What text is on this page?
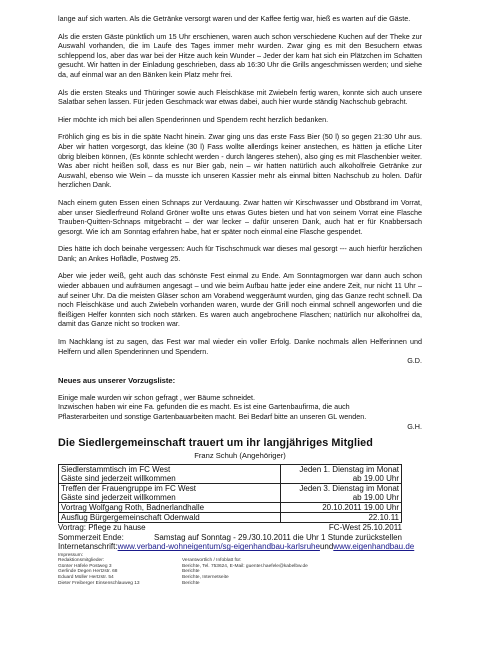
lange auf sich warten. Als die Getränke versorgt waren und der Kaffee fertig war, hieß es warten auf die Gäste.

Als die ersten Gäste pünktlich um 15 Uhr erschienen, waren auch schon verschiedene Kuchen auf der Theke zur Auswahl vorhanden, die im Laufe des Tages immer mehr wurden. Zwar ging es mit den Besuchern etwas schleppend los, aber das war bei der Hitze auch kein Wunder – Jeder der kam hat sich ein Plätzchen im Schatten gesucht. Wir hatten in der Einladung geschrieben, dass ab 16:30 Uhr die Grills angeschmissen werden; und siehe da, auf einmal war an den Bänken kein Platz mehr frei.

Als die ersten Steaks und Thüringer sowie auch Fleischkäse mit Zwiebeln fertig waren, konnte sich auch unsere Salatbar sehen lassen. Für jeden Geschmack war etwas dabei, auch hier wurde ständig Nachschub gebracht.

Hier möchte ich mich bei allen Spenderinnen und Spendern recht herzlich bedanken.

Fröhlich ging es bis in die späte Nacht hinein. Zwar ging uns das erste Fass Bier (50 l) so gegen 21:30 Uhr aus. Aber wir hatten vorgesorgt, das kleine (30 l) Fass wollte allerdings keiner anstechen, es hätten ja etliche Liter übrig bleiben können, (Es könnte schlecht werden - durch längeres stehen), also ging es mit Flaschenbier weiter. Was aber nicht heißen soll, dass es nur Bier gab, nein – wir hatten natürlich auch alkoholfreie Getränke zur Auswahl, ebenso wie Wein – da musste ich unseren Kassier mehr als einmal bitten Nachschub zu holen. Dafür herzlichen Dank.

Nach einem guten Essen einen Schnaps zur Verdauung. Zwar hatten wir Kirschwasser und Obstbrand im Vorrat, aber unser Siedlerfreund Roland Gröner wollte uns etwas Gutes bieten und hat von seinem Vorrat eine Flasche Trauben-Quitten-Schnaps mitgebracht – der war lecker – dafür unseren Dank, auch hat er für Knabbersach gesorgt. Wie ich am Sonntag erfahren habe, hat er später noch einmal eine Flasche gespendet.

Dies hätte ich doch beinahe vergessen: Auch für Tischschmuck war dieses mal gesorgt --- auch hierfür herzlichen Dank; an Ankes Hoflädle, Postweg 25.

Aber wie jeder weiß, geht auch das schönste Fest einmal zu Ende. Am Sonntagmorgen war dann auch schon wieder abbauen und aufräumen angesagt – und wie beim Aufbau hatte jeder eine andere Zeit, nur nicht 11 Uhr – auf seiner Uhr. Da die meisten Gläser schon am Vorabend weggeräumt wurden, ging das Ganze recht schnell. Da noch Fleischkäse und auch Zwiebeln vorhanden waren, wurde der Grill noch einmal schnell angeworfen und die fleißigen Helfer konnten sich noch stärken. Es waren auch angebrochene Flaschen; natürlich nur alkoholfrei da, damit das Ganze nicht so trocken war.

Im Nachklang ist zu sagen, das Fest war mal wieder ein voller Erfolg. Danke nochmals allen Helferinnen und Helfern und allen Spenderinnen und Spendern.
G.D.

Neues aus unserer Vorzugsliste:
Einige male wurden wir schon gefragt , wer Bäume schneidet.
Inzwischen haben wir eine Fa. gefunden die es macht. Es ist eine Gartenbaufirma, die auch
Pflasterarbeiten und sonstige Gartenbauarbeiten macht. Bei Bedarf bitte an unseren GL wenden.
G.H.
Die Siedlergemeinschaft trauert um ihr langjähriges Mitglied
Franz Schuh (Angehöriger)
Siedlerstammtisch im FC West
Gäste sind jederzeit willkommen	Jeden 1. Dienstag im Monat
ab 19.00 Uhr

Treffen der Frauengruppe im FC West
Gäste sind jederzeit willkommen	Jeden 3. Dienstag im Monat
ab 19.00 Uhr

Vortrag Wolfgang Roth, Badnerlandhalle	20.10.2011 19.00 Uhr
Ausflug Bürgergemeinschaft Odenwald	22.10.11
Vortrag: Pflege zu hause	FC-West 25.10.2011
Sommerzeit Ende:	Samstag auf Sonntag - 29./30.10.2011 die Uhr 1 Stunde zurückstellen
Internetanschrift:www.verband-wohneigentum/sg-eigenhandbau-karlsruheundwww.eigenhandbau.de
Impressum:
Redaktionsmitglieder:
Günter Häfele Postweg 3
Gerlinde Degen Hertzstr. 68
Eduard Müller Hertzstr. 54
Dieter Freiberger Einsenschlauweg 13

Verantwortlich / Infoblatt für:
Berichte, Tel. 753624, E-Mail: guenter.haefele@kabelbw.de
Berichte
Berichte, Internetseite
Berichte
